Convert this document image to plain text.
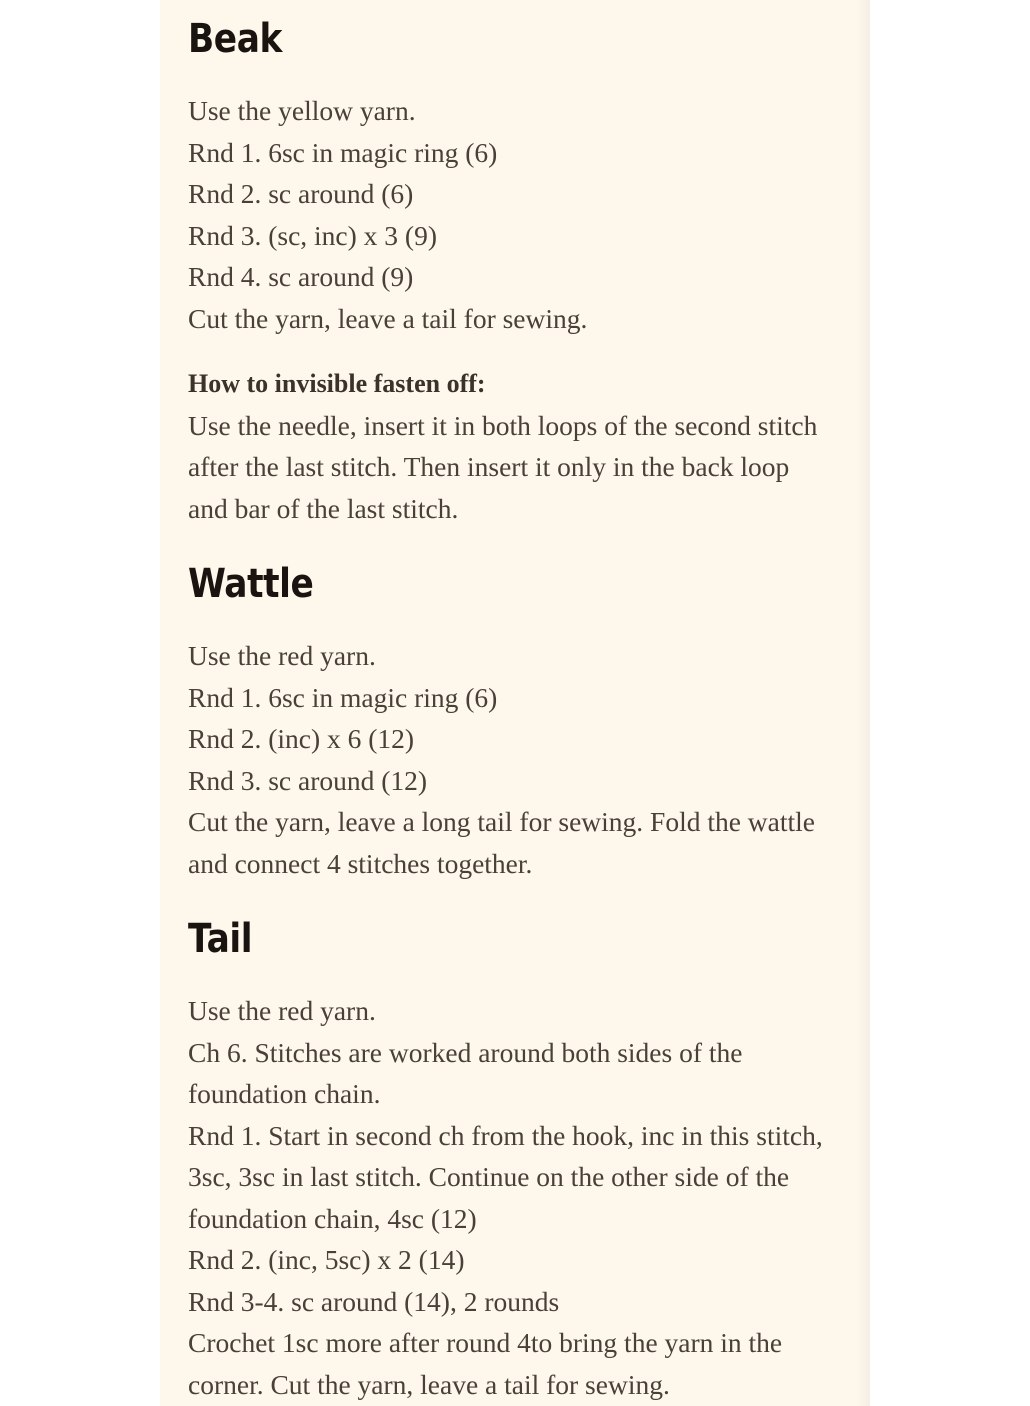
Beak

Use the yellow yarn.

Rnd 1. 6sc in magic ring (6)

Rnd 2. sc around (6)

Rnd 3. (sc, inc) x 3 (9)

Rnd 4. sc around (9)

Cut the yarn, leave a tail for sewing.

How to invisible fasten off:

Use the needle, insert it in both loops of the second stitch after the last stitch. Then insert it only in the back loop and bar of the last stitch.

Wattle

Use the red yarn.

Rnd 1. 6sc in magic ring (6)

Rnd 2. (inc) x 6 (12)

Rnd 3. sc around (12)

Cut the yarn, leave a long tail for sewing. Fold the wattle and connect 4 stitches together.

Tail

Use the red yarn.

Ch 6. Stitches are worked around both sides of the foundation chain.

Rnd 1. Start in second ch from the hook, inc in this stitch, 3sc, 3sc in last stitch. Continue on the other side of the foundation chain, 4sc (12)

Rnd 2. (inc, 5sc) x 2 (14)

Rnd 3-4. sc around (14), 2 rounds

Crochet 1sc more after round 4to bring the yarn in the corner. Cut the yarn, leave a tail for sewing.
